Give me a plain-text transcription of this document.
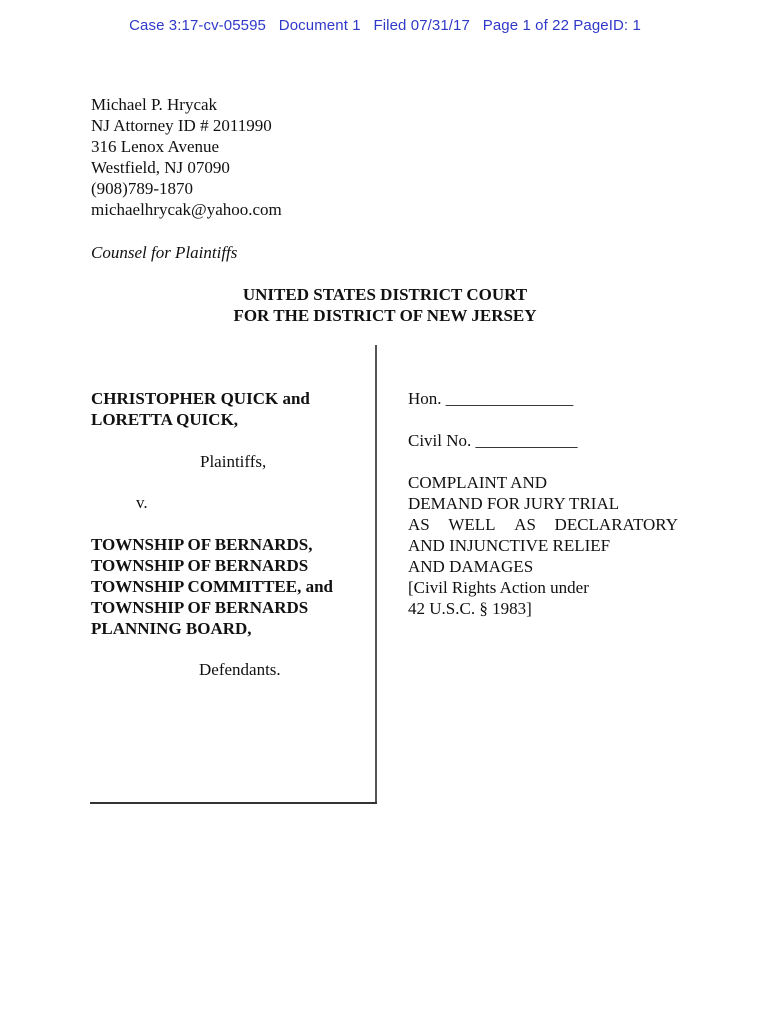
Case 3:17-cv-05595   Document 1   Filed 07/31/17   Page 1 of 22 PageID: 1
Michael P. Hrycak
NJ Attorney ID # 2011990
316 Lenox Avenue
Westfield, NJ 07090
(908)789-1870
michaelhrycak@yahoo.com
Counsel for Plaintiffs
UNITED STATES DISTRICT COURT
FOR THE DISTRICT OF NEW JERSEY
CHRISTOPHER QUICK and
LORETTA QUICK,
Plaintiffs,
v.
TOWNSHIP OF BERNARDS,
TOWNSHIP OF BERNARDS
TOWNSHIP COMMITTEE, and
TOWNSHIP OF BERNARDS
PLANNING BOARD,
Defendants.
Hon. _______________
Civil No. ____________
COMPLAINT AND
DEMAND FOR JURY TRIAL
AS WELL AS DECLARATORY
AND INJUNCTIVE RELIEF
AND DAMAGES
[Civil Rights Action under
42 U.S.C. § 1983]
